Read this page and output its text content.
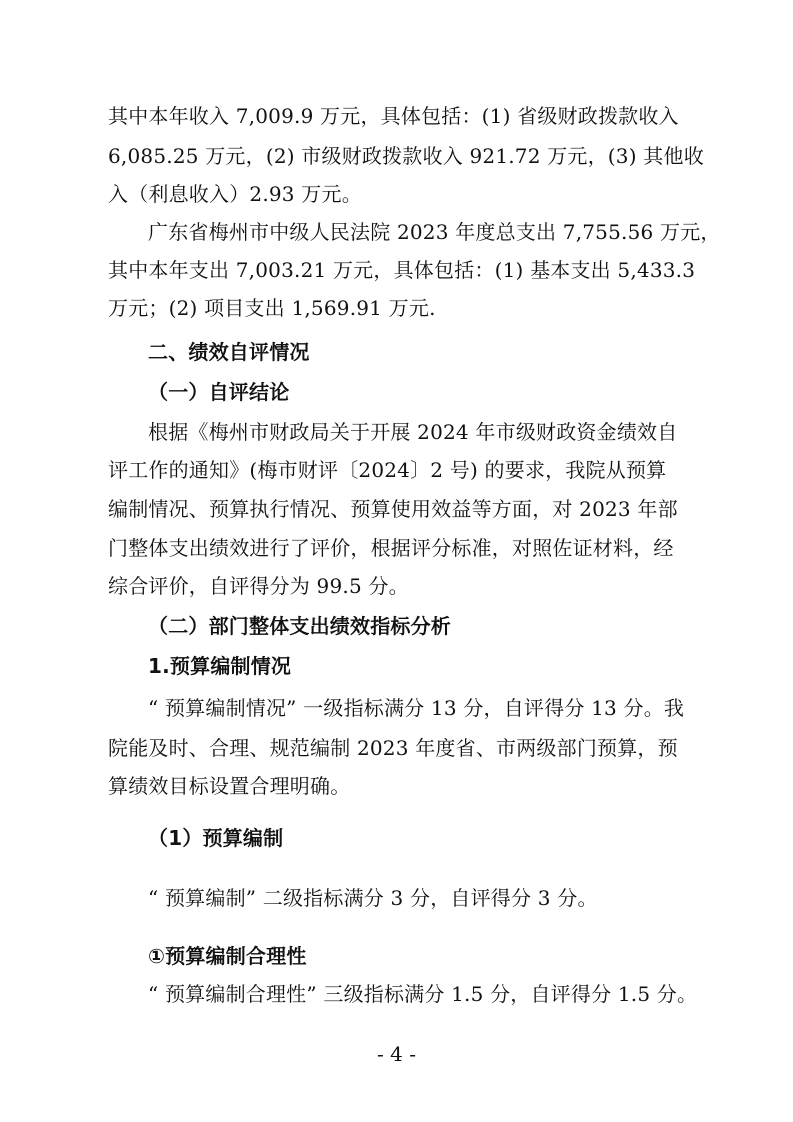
其中本年收入 7,009.9 万元，具体包括：(1) 省级财政拨款收入
6,085.25 万元，(2) 市级财政拨款收入 921.72 万元，(3) 其他收
入（利息收入）2.93 万元。
广东省梅州市中级人民法院 2023 年度总支出 7,755.56 万元，
其中本年支出 7,003.21 万元，具体包括：(1) 基本支出 5,433.3
万元；(2) 项目支出 1,569.91 万元.
二、绩效自评情况
（一）自评结论
根据《梅州市财政局关于开展 2024 年市级财政资金绩效自
评工作的通知》(梅市财评〔2024〕2 号) 的要求，我院从预算
编制情况、预算执行情况、预算使用效益等方面，对 2023 年部
门整体支出绩效进行了评价，根据评分标准，对照佐证材料，经
综合评价，自评得分为 99.5 分。
（二）部门整体支出绩效指标分析
1.预算编制情况
“ 预算编制情况” 一级指标满分 13 分，自评得分 13 分。我
院能及时、合理、规范编制 2023 年度省、市两级部门预算，预
算绩效目标设置合理明确。
（1）预算编制
“ 预算编制” 二级指标满分 3 分，自评得分 3 分。
①预算编制合理性
“ 预算编制合理性” 三级指标满分 1.5 分，自评得分 1.5 分。
- 4 -
